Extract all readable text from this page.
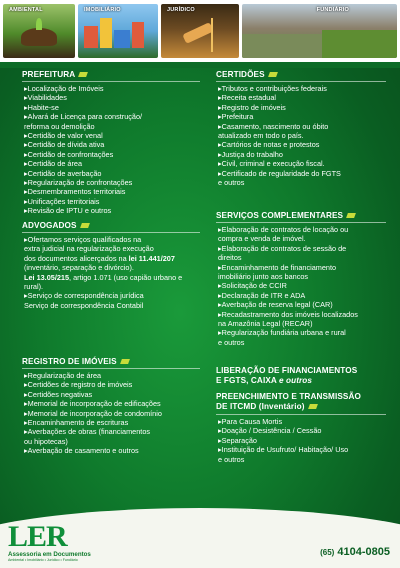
AMBIENTAL	IMOBILIÁRIO	JURÍDICO	FUNDIÁRIO
PREFEITURA
▸Localização de Imóveis
▸Viabilidades
▸Habite-se
▸Alvará de Licença para construção/
reforma ou demolição
▸Certidão de valor venal
▸Certidão de dívida ativa
▸Certidão de confrontações
▸Certidão de área
▸Certidão de averbação
▸Regularização de confrontações
▸Desmembramentos territoriais
▸Unificações territoriais
▸Revisão de IPTU e outros
ADVOGADOS
▸Ofertamos serviços qualificados na
extra judicial na regularização execução
dos documentos alicerçados na lei 11.441/207
(inventário, separação e divórcio).
Lei 13.05/215, artigo 1.071 (uso capião urbano e
rural).
▸Serviço de correspondência jurídica
Serviço de correspondência Contabil
REGISTRO DE IMÓVEIS
▸Regularização de área
▸Certidões de registro de imóveis
▸Certidões negativas
▸Memorial de incorporação de edificações
▸Memorial de incorporação de condomínio
▸Encaminhamento de escrituras
▸Averbações de obras (financiamentos
ou hipotecas)
▸Averbação de casamento e outros
CERTIDÕES
▸Tributos e contribuições federais
▸Receita estadual
▸Registro de imóveis
▸Prefeitura
▸Casamento, nascimento ou óbito
atualizado em todo o país.
▸Cartórios de notas e protestos
▸Justiça do trabalho
▸Civil, criminal e execução fiscal.
▸Certificado de regularidade do FGTS
e outros
SERVIÇOS COMPLEMENTARES
▸Elaboração de contratos de locação ou
compra e venda de imóvel.
▸Elaboração de contratos de sessão de
direitos
▸Encaminhamento de financiamento
imobiliário junto aos bancos
▸Solicitação de CCIR
▸Declaração de ITR e ADA
▸Averbação de reserva legal (CAR)
▸Recadastramento dos imóveis localizados
na Amazônia Legal (RECAR)
▸Regularização fundiária urbana e rural
e outros
LIBERAÇÃO DE FINANCIAMENTOS
E FGTS, CAIXA e outros
PREENCHIMENTO E TRANSMISSÃO
DE ITCMD (Inventário)
▸Para Causa Mortis
▸Doação / Desistência / Cessão
▸Separação
▸Instituição de Usufruto/ Habitação/ Uso
e outros
LER
Assessoria em Documentos
Ambiental • Imobiliário • Jurídico • Fundiário
(65) 4104-0805
